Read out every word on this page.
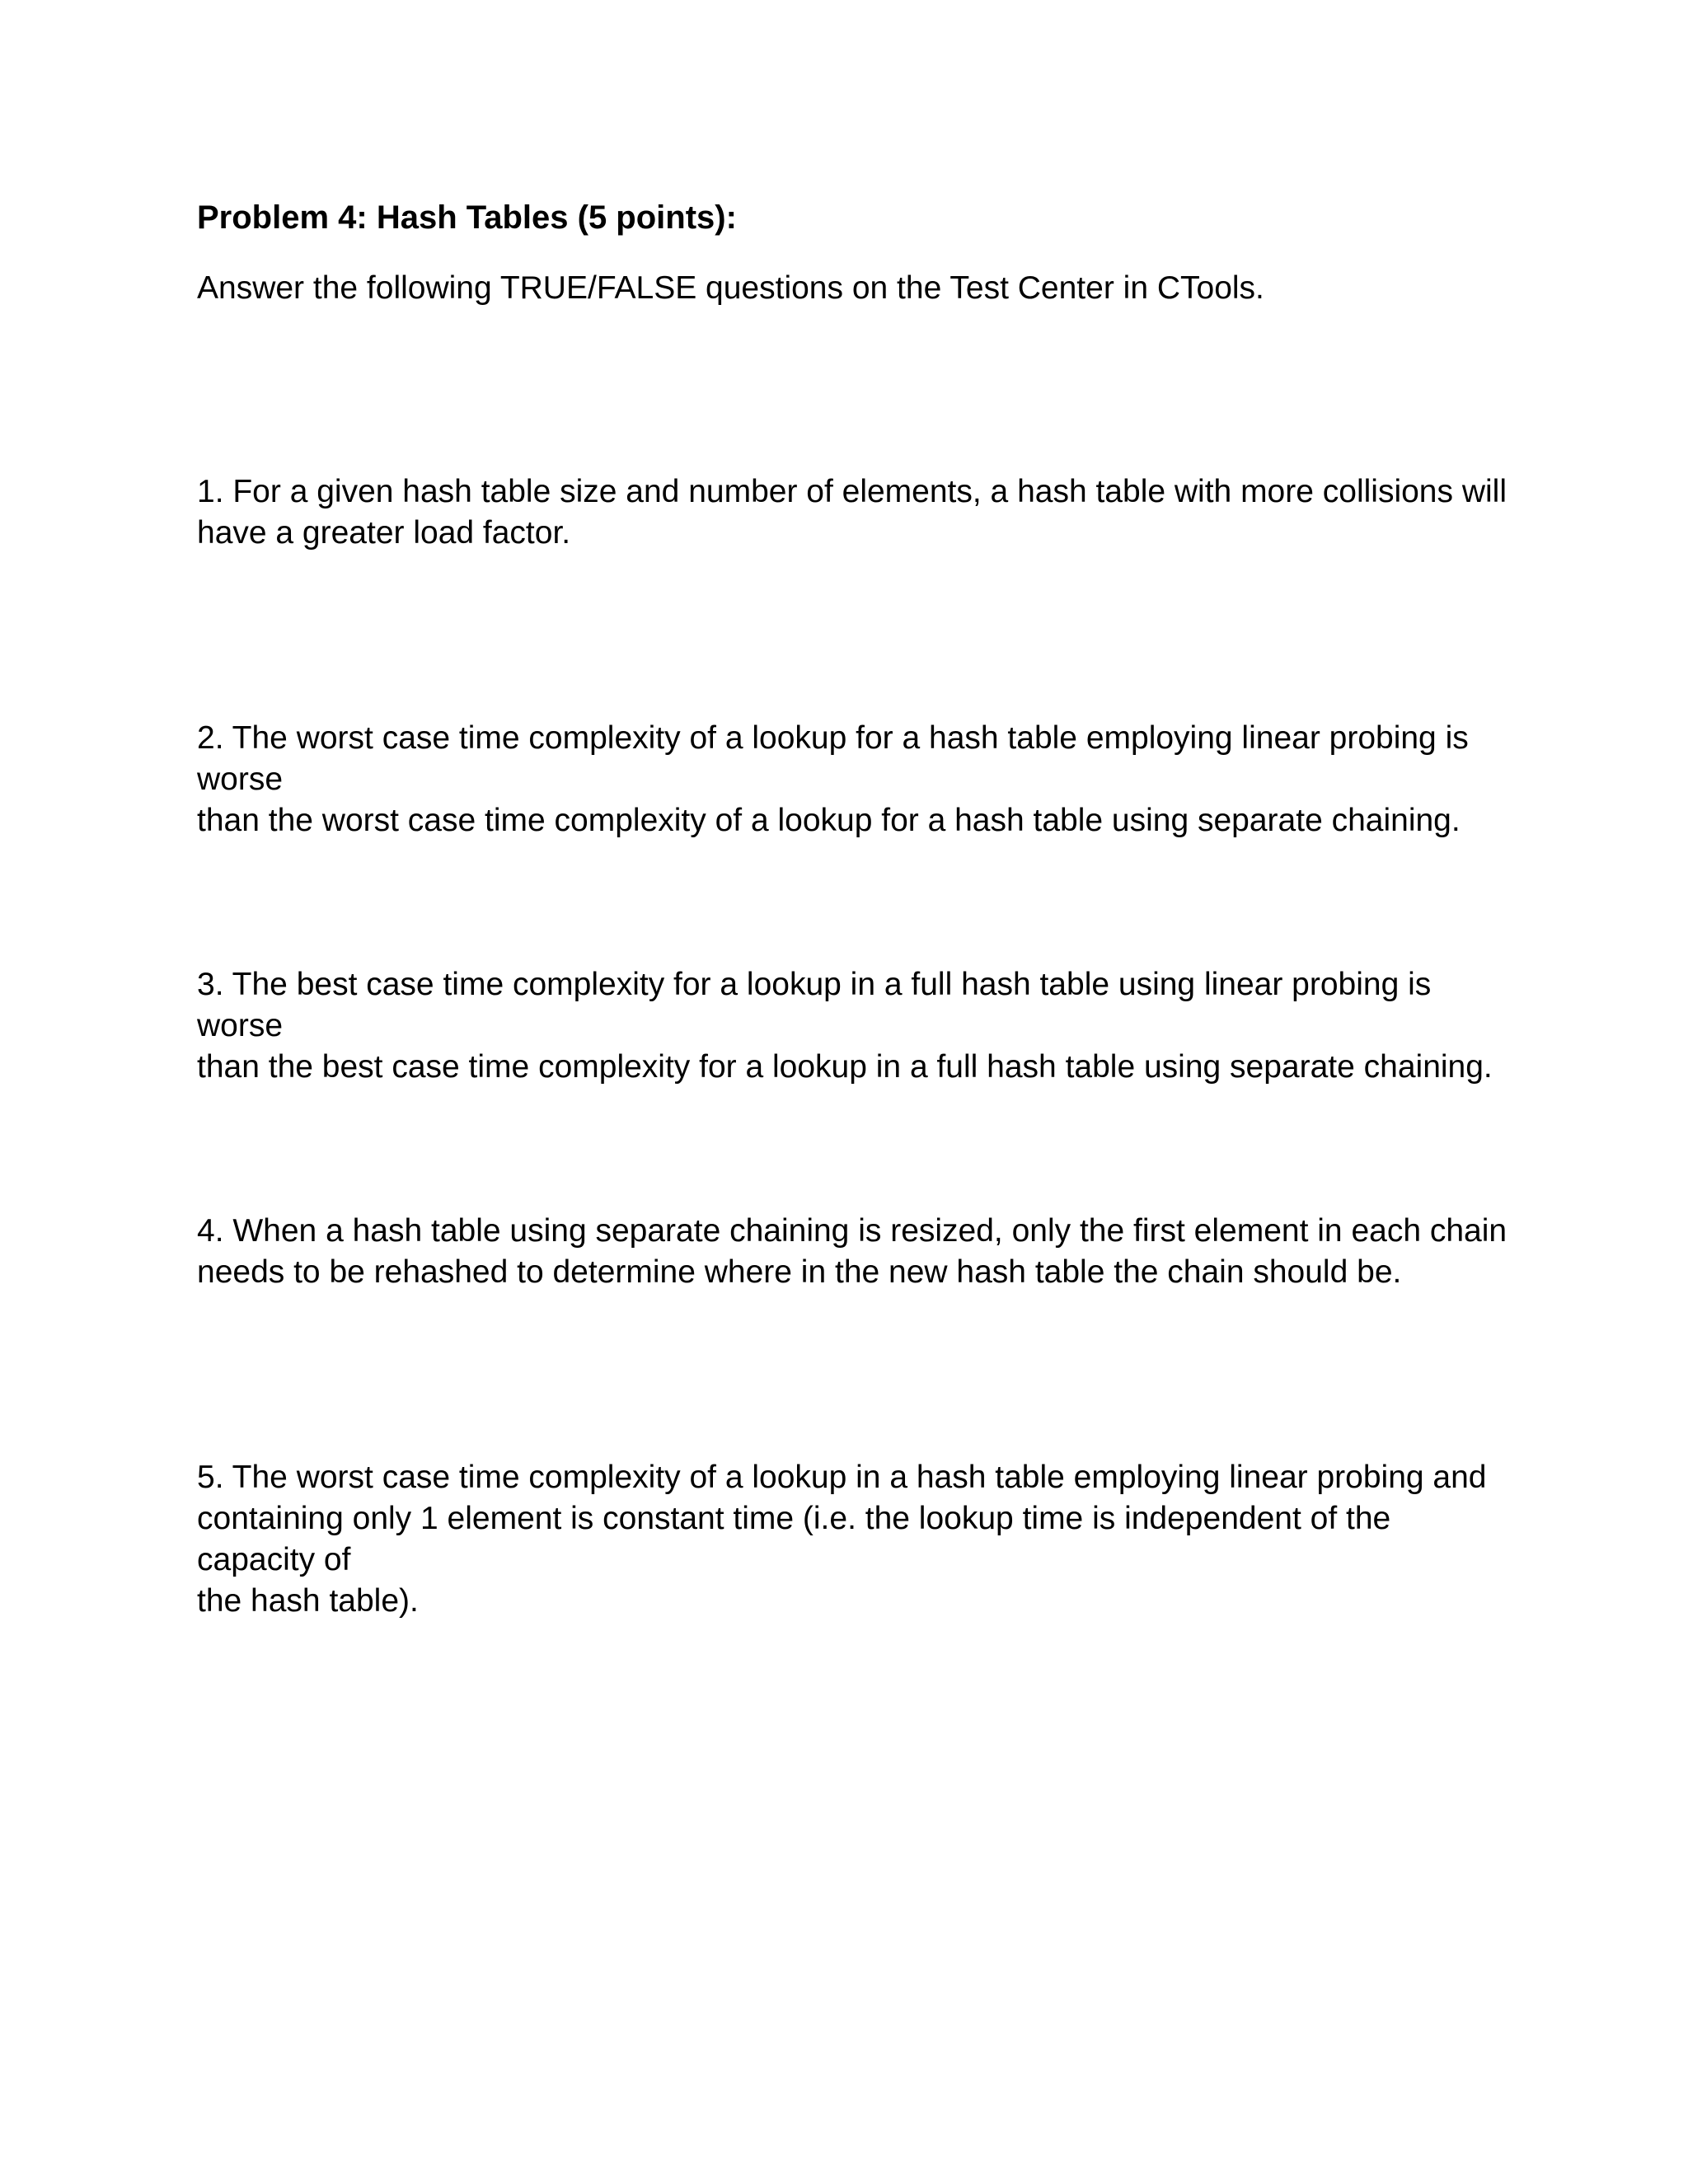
Problem 4: Hash Tables (5 points):

Answer the following TRUE/FALSE questions on the Test Center in CTools.

1. For a given hash table size and number of elements, a hash table with more collisions will
have a greater load factor.
2. The worst case time complexity of a lookup for a hash table employing linear probing is worse
than the worst case time complexity of a lookup for a hash table using separate chaining.
3. The best case time complexity for a lookup in a full hash table using linear probing is worse
than the best case time complexity for a lookup in a full hash table using separate chaining.
4. When a hash table using separate chaining is resized, only the first element in each chain
needs to be rehashed to determine where in the new hash table the chain should be.
5. The worst case time complexity of a lookup in a hash table employing linear probing and
containing only 1 element is constant time (i.e. the lookup time is independent of the capacity of
the hash table).
